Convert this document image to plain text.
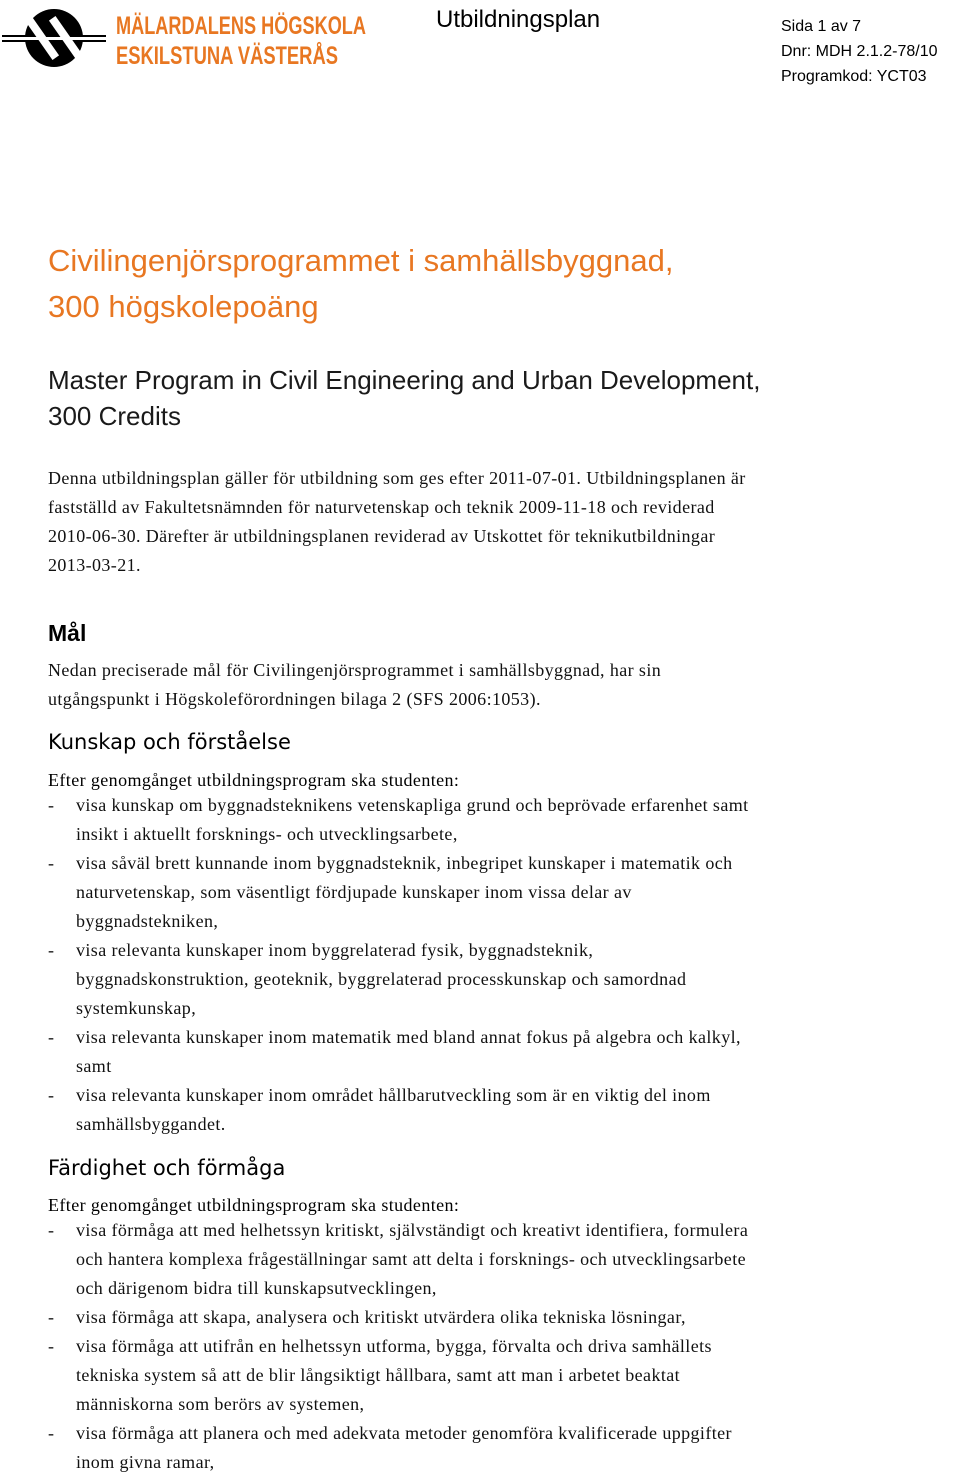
MÄLARDALENS HÖGSKOLA
ESKILSTUNA VÄSTERÅS
Utbildningsplan	Sida 1 av 7
Dnr: MDH 2.1.2-78/10
Programkod: YCT03
Civilingenjörsprogrammet i samhällsbyggnad,
300 högskolepoäng
Master Program in Civil Engineering and Urban Development,
300 Credits

Denna utbildningsplan gäller för utbildning som ges efter 2011-07-01. Utbildningsplanen är
fastställd av Fakultetsnämnden för naturvetenskap och teknik 2009-11-18 och reviderad
2010-06-30. Därefter är utbildningsplanen reviderad av Utskottet för teknikutbildningar
2013-03-21.

Mål

Nedan preciserade mål för Civilingenjörsprogrammet i samhällsbyggnad, har sin
utgångspunkt i Högskoleförordningen bilaga 2 (SFS 2006:1053).

Kunskap och förståelse

Efter genomgånget utbildningsprogram ska studenten:

- visa kunskap om byggnadsteknikens vetenskapliga grund och beprövade erfarenhet samt
insikt i aktuellt forsknings- och utvecklingsarbete,
- visa såväl brett kunnande inom byggnadsteknik, inbegripet kunskaper i matematik och
naturvetenskap, som väsentligt fördjupade kunskaper inom vissa delar av
byggnadstekniken,
- visa relevanta kunskaper inom byggrelaterad fysik, byggnadsteknik,
byggnadskonstruktion, geoteknik, byggrelaterad processkunskap och samordnad
systemkunskap,
- visa relevanta kunskaper inom matematik med bland annat fokus på algebra och kalkyl,
samt
- visa relevanta kunskaper inom området hållbarutveckling som är en viktig del inom
samhällsbyggandet.
Färdighet och förmåga

Efter genomgånget utbildningsprogram ska studenten:

- visa förmåga att med helhetssyn kritiskt, självständigt och kreativt identifiera, formulera
och hantera komplexa frågeställningar samt att delta i forsknings- och utvecklingsarbete
och därigenom bidra till kunskapsutvecklingen,
- visa förmåga att skapa, analysera och kritiskt utvärdera olika tekniska lösningar,
- visa förmåga att utifrån en helhetssyn utforma, bygga, förvalta och driva samhällets
tekniska system så att de blir långsiktigt hållbara, samt att man i arbetet beaktat
människorna som berörs av systemen,
- visa förmåga att planera och med adekvata metoder genomföra kvalificerade uppgifter
inom givna ramar,
